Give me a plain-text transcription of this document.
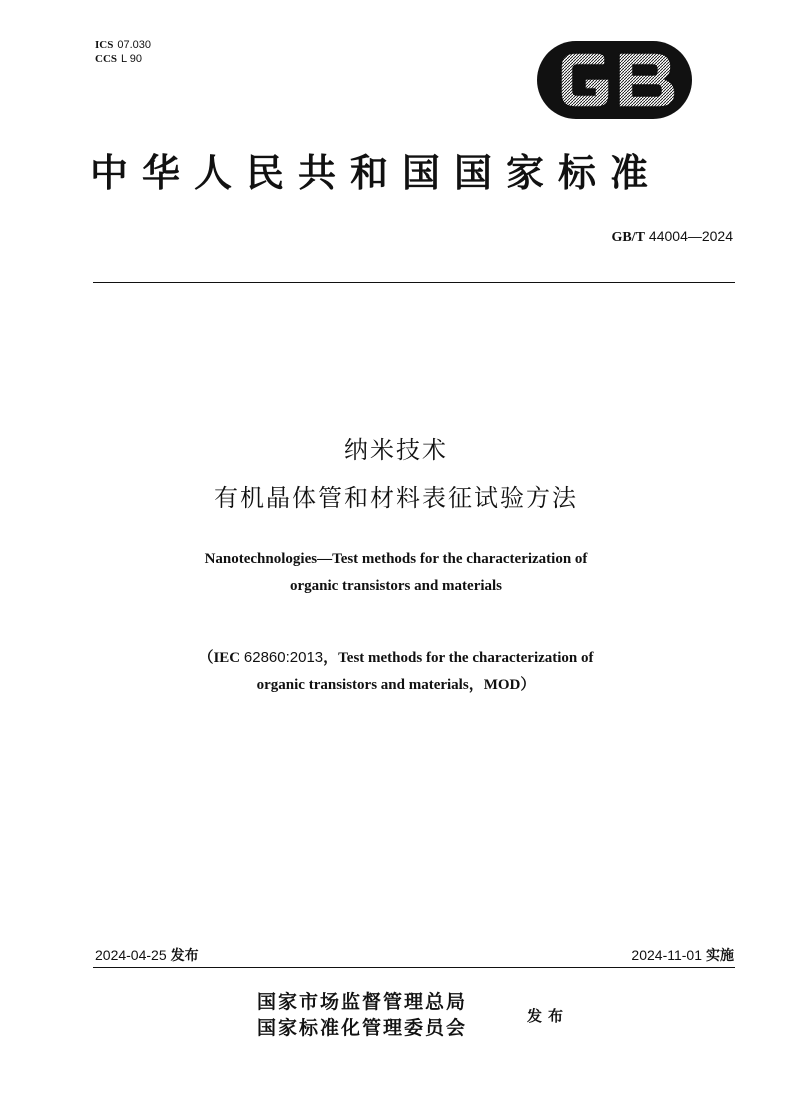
ICS 07.030
CCS L 90
中华人民共和国国家标准
GB/T 44004—2024
纳米技术
有机晶体管和材料表征试验方法
Nanotechnologies—Test methods for the characterization of
organic transistors and materials
（IEC 62860:2013，Test methods for the characterization of
organic transistors and materials，MOD）
2024-04-25 发布	2024-11-01 实施
国家市场监督管理总局
国家标准化管理委员会
发布
